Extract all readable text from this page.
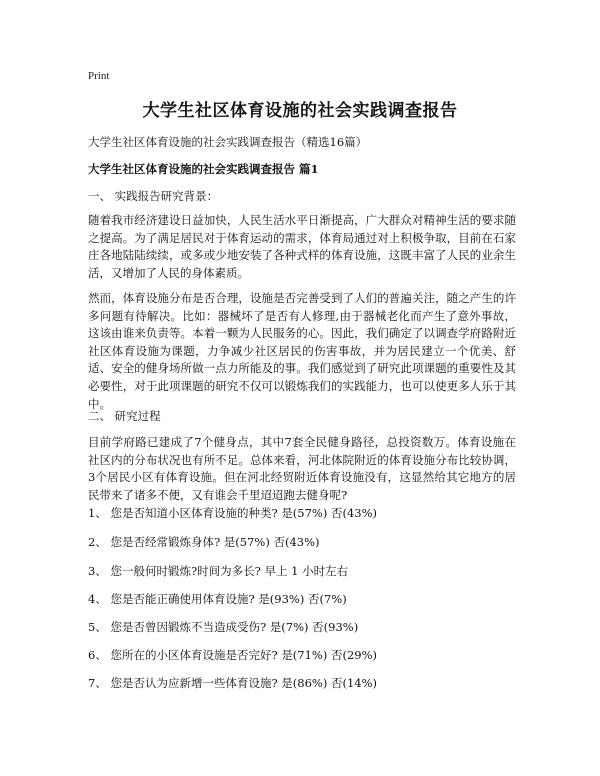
Print
大学生社区体育设施的社会实践调查报告
大学生社区体育设施的社会实践调查报告（精选16篇）
大学生社区体育设施的社会实践调查报告 篇1
一、 实践报告研究背景：
随着我市经济建设日益加快，人民生活水平日渐提高，广大群众对精神生活的要求随之提高。为了满足居民对于体育运动的需求，体育局通过对上积极争取，目前在石家庄各地陆陆续续，或多或少地安装了各种式样的体育设施，这既丰富了人民的业余生活，又增加了人民的身体素质。
然而，体育设施分布是否合理，设施是否完善受到了人们的普遍关注，随之产生的许多问题有待解决。比如：器械坏了是否有人修理,由于器械老化而产生了意外事故，这该由谁来负责等。本着一颗为人民服务的心。因此，我们确定了以调查学府路附近社区体育设施为课题，力争减少社区居民的伤害事故，并为居民建立一个优美、舒适、安全的健身场所做一点力所能及的事。我们感觉到了研究此项课题的重要性及其必要性，对于此项课题的研究不仅可以锻炼我们的实践能力，也可以使更多人乐于其中。
二、 研究过程
目前学府路已建成了7个健身点，其中7套全民健身路径，总投资数万。体育设施在社区内的分布状况也有所不足。总体来看，河北体院附近的体育设施分布比较协调，3个居民小区有体育设施。但在河北经贸附近体育设施没有，这显然给其它地方的居民带来了诸多不便，又有谁会千里迢迢跑去健身呢?
1、 您是否知道小区体育设施的种类? 是(57%) 否(43%)
2、 您是否经常锻炼身体? 是(57%) 否(43%)
3、 您一般何时锻炼?时间为多长? 早上 1 小时左右
4、 您是否能正确使用体育设施? 是(93%) 否(7%)
5、 您是否曾因锻炼不当造成受伤? 是(7%) 否(93%)
6、 您所在的小区体育设施是否完好? 是(71%) 否(29%)
7、 您是否认为应新增一些体育设施? 是(86%) 否(14%)
